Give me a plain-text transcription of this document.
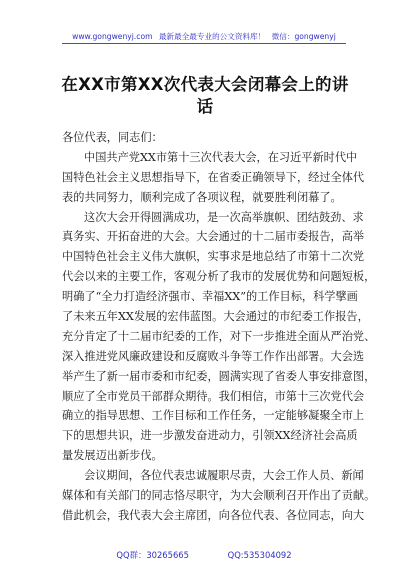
www.gongwenyj.com 最新最全最专业的公文资料库！ 微信：gongwenyj
在XX市第XX次代表大会闭幕会上的讲话
各位代表，同志们：
中国共产党XX市第十三次代表大会，在习近平新时代中
国特色社会主义思想指导下，在省委正确领导下，经过全体代
表的共同努力，顺利完成了各项议程，就要胜利闭幕了。
这次大会开得圆满成功，是一次高举旗帜、团结鼓劲、求
真务实、开拓奋进的大会。大会通过的十二届市委报告，高举
中国特色社会主义伟大旗帜，实事求是地总结了市第十二次党
代会以来的主要工作，客观分析了我市的发展优势和问题短板，
明确了“全力打造经济强市、幸福XX”的工作目标，科学擘画
了未来五年XX发展的宏伟蓝图。大会通过的市纪委工作报告，
充分肯定了十二届市纪委的工作，对下一步推进全面从严治党、
深入推进党风廉政建设和反腐败斗争等工作作出部署。大会选
举产生了新一届市委和市纪委，圆满实现了省委人事安排意图，
顺应了全市党员干部群众期待。我们相信，市第十三次党代会
确立的指导思想、工作目标和工作任务，一定能够凝聚全市上
下的思想共识，进一步激发奋进动力，引领XX经济社会高质
量发展迈出新步伐。
会议期间，各位代表忠诚履职尽责，大会工作人员、新闻
媒体和有关部门的同志恪尽职守，为大会顺利召开作出了贡献。
借此机会，我代表大会主席团，向各位代表、各位同志，向大
QQ群：30265665	QQ:535304092
